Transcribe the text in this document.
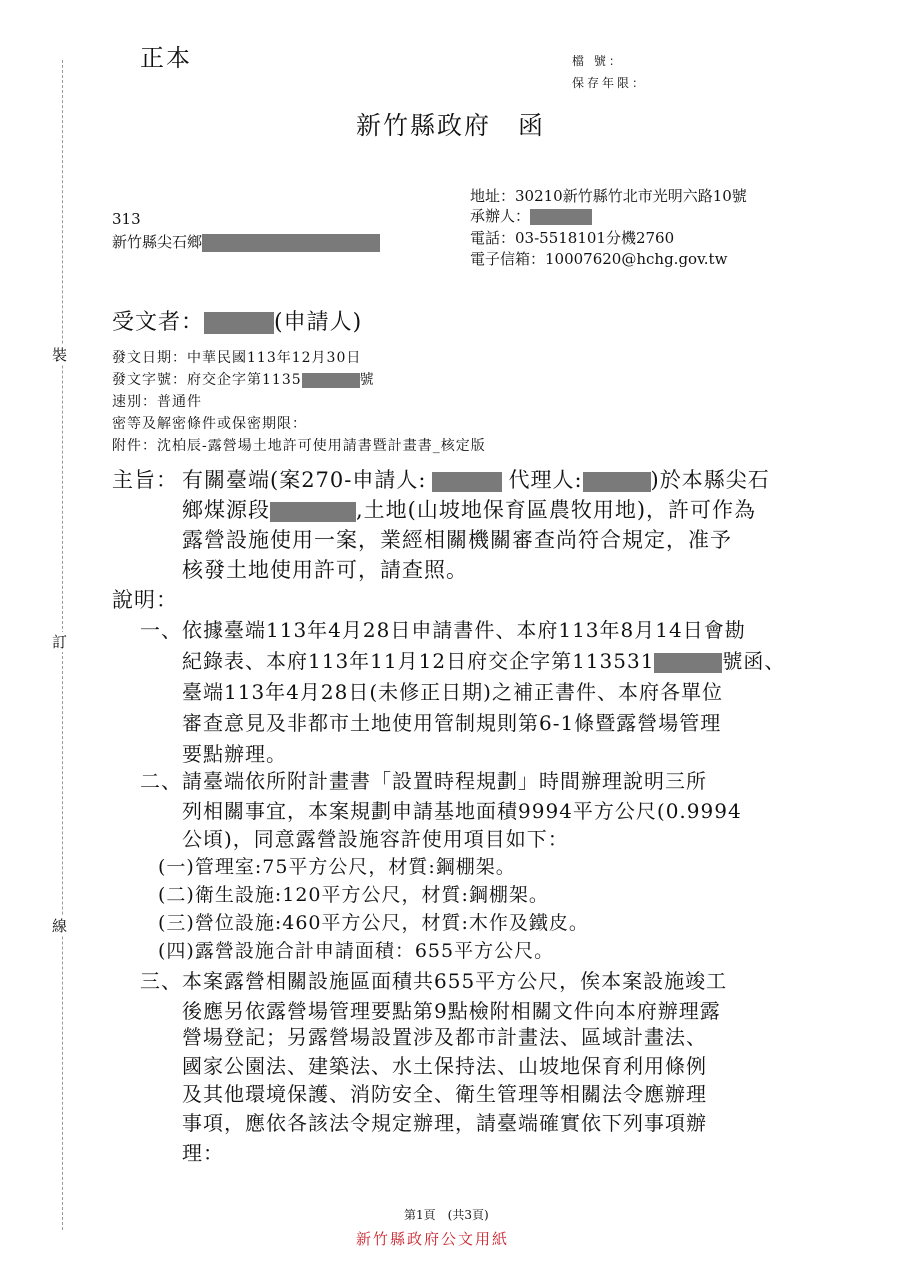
裝
訂
線
正本	檔 號：
保存年限：
新竹縣政府　函
地址：30210新竹縣竹北市光明六路10號
承辦人：
電話：03-5518101分機2760
電子信箱：10007620@hchg.gov.tw
313
新竹縣尖石鄉
受文者：	(申請人)
發文日期：中華民國113年12月30日
發文字號：府交企字第1135	號
速別：普通件
密等及解密條件或保密期限：
附件：沈柏辰-露營場土地許可使用請書暨計畫書_核定版
主旨： 有關臺端(案270-申請人:	代理人:	)於本縣尖石
鄉煤源段	,土地(山坡地保育區農牧用地)，許可作為
露營設施使用一案，業經相關機關審查尚符合規定，准予
核發土地使用許可，請查照。
說明：
一、 依據臺端113年4月28日申請書件、本府113年8月14日會勘
紀錄表、本府113年11月12日府交企字第113531	號函、
臺端113年4月28日(未修正日期)之補正書件、本府各單位
審查意見及非都市土地使用管制規則第6-1條暨露營場管理
要點辦理。
二、 請臺端依所附計畫書「設置時程規劃」時間辦理說明三所
列相關事宜，本案規劃申請基地面積9994平方公尺(0.9994
公頃)，同意露營設施容許使用項目如下：
(一)管理室:75平方公尺，材質:鋼棚架。
(二)衛生設施:120平方公尺，材質:鋼棚架。
(三)營位設施:460平方公尺，材質:木作及鐵皮。
(四)露營設施合計申請面積：655平方公尺。
三、 本案露營相關設施區面積共655平方公尺，俟本案設施竣工
後應另依露營場管理要點第9點檢附相關文件向本府辦理露
營場登記；另露營場設置涉及都市計畫法、區域計畫法、
國家公園法、建築法、水土保持法、山坡地保育利用條例
及其他環境保護、消防安全、衛生管理等相關法令應辦理
事項，應依各該法令規定辦理，請臺端確實依下列事項辦
理：
第1頁　(共3頁)
新竹縣政府公文用紙
